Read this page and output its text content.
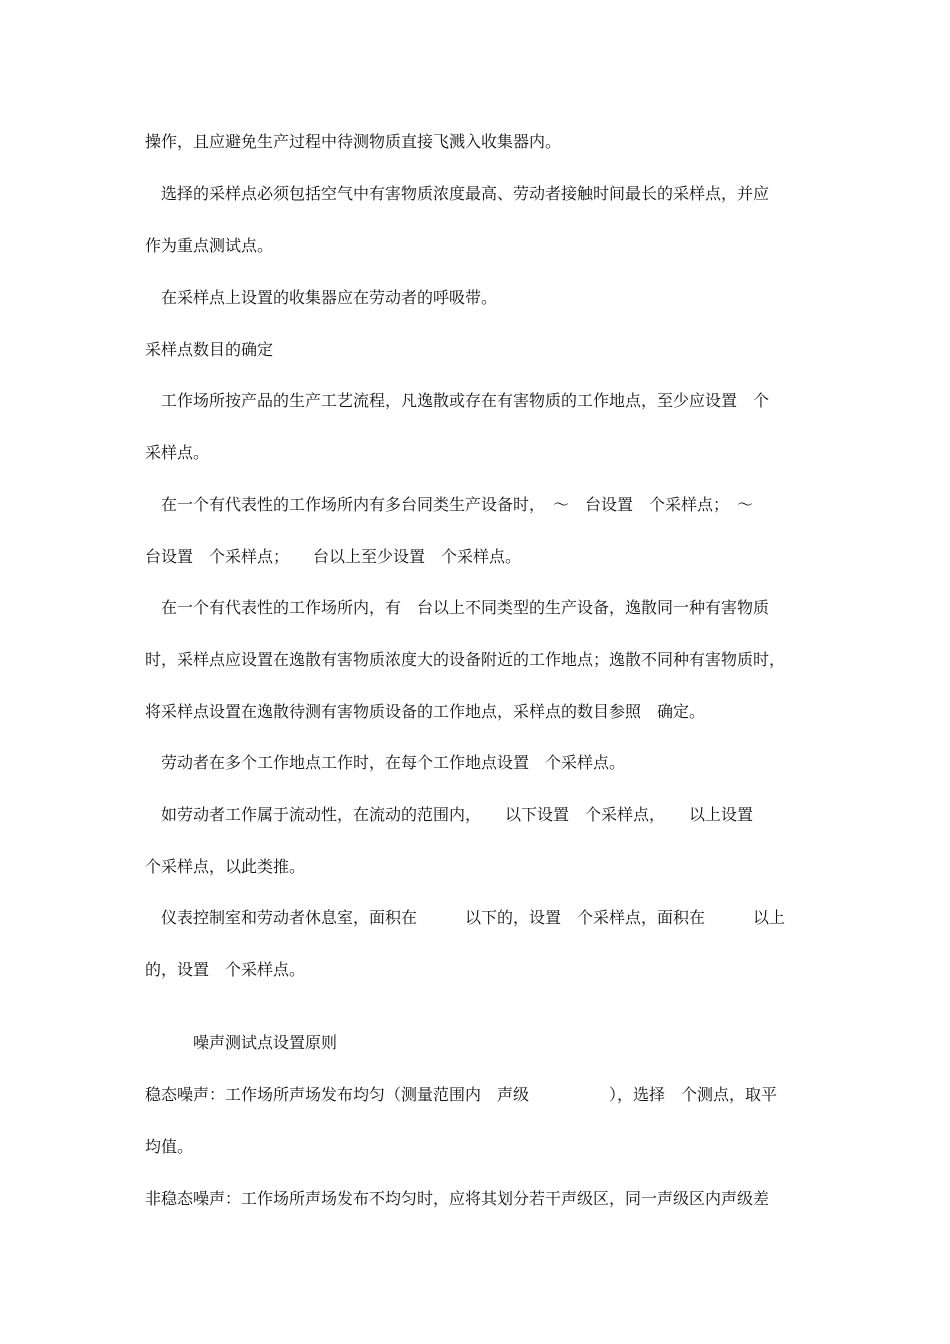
操作，且应避免生产过程中待测物质直接飞溅入收集器内。

选择的采样点必须包括空气中有害物质浓度最高、劳动者接触时间最长的采样点，并应

作为重点测试点。

在采样点上设置的收集器应在劳动者的呼吸带。

采样点数目的确定

工作场所按产品的生产工艺流程，凡逸散或存在有害物质的工作地点，至少应设置　个

采样点。

在一个有代表性的工作场所内有多台同类生产设备时，　～　台设置　个采样点；　～

台设置　个采样点；　　台以上至少设置　个采样点。

在一个有代表性的工作场所内，有　台以上不同类型的生产设备，逸散同一种有害物质

时，采样点应设置在逸散有害物质浓度大的设备附近的工作地点；逸散不同种有害物质时，

将采样点设置在逸散待测有害物质设备的工作地点，采样点的数目参照　确定。

劳动者在多个工作地点工作时，在每个工作地点设置　个采样点。

如劳动者工作属于流动性，在流动的范围内，　　以下设置　个采样点，　　以上设置

个采样点，以此类推。

仪表控制室和劳动者休息室，面积在　　　以下的，设置　个采样点，面积在　　　以上

的，设置　个采样点。

噪声测试点设置原则

稳态噪声：工作场所声场发布均匀（测量范围内　声级　　　　　），选择　个测点，取平

均值。

非稳态噪声：工作场所声场发布不均匀时，应将其划分若干声级区，同一声级区内声级差
